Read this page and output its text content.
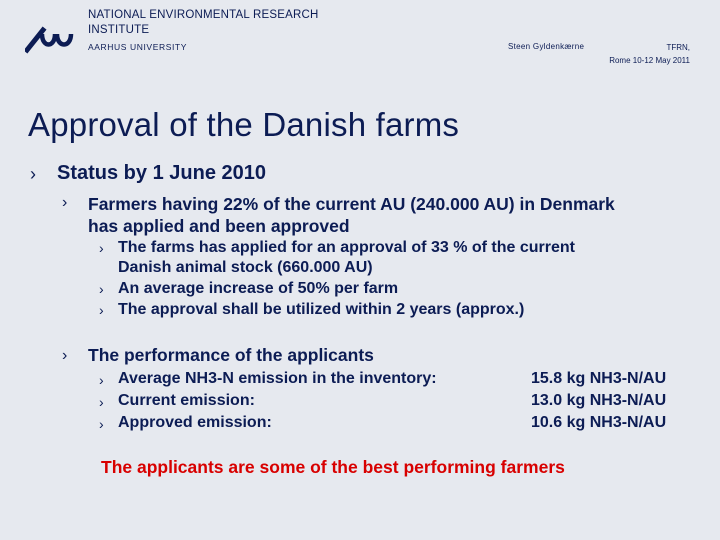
NATIONAL ENVIRONMENTAL RESEARCH INSTITUTE
AARHUS UNIVERSITY	Steen Gyldenkærne	TFRN,
Rome 10-12 May 2011
Approval of the Danish farms
› Status by 1 June 2010
› Farmers having 22% of the current AU (240.000 AU) in Denmark
has applied and been approved
› The farms has applied for an approval of 33 % of the current
Danish animal stock (660.000 AU)
› An average increase of 50% per farm
› The approval shall be utilized within 2 years (approx.)
› The performance of the applicants
› Average NH3-N emission in the inventory:	15.8 kg NH3-N/AU
› Current emission:	13.0 kg NH3-N/AU
› Approved emission:	10.6 kg NH3-N/AU
The applicants are some of the best performing farmers
